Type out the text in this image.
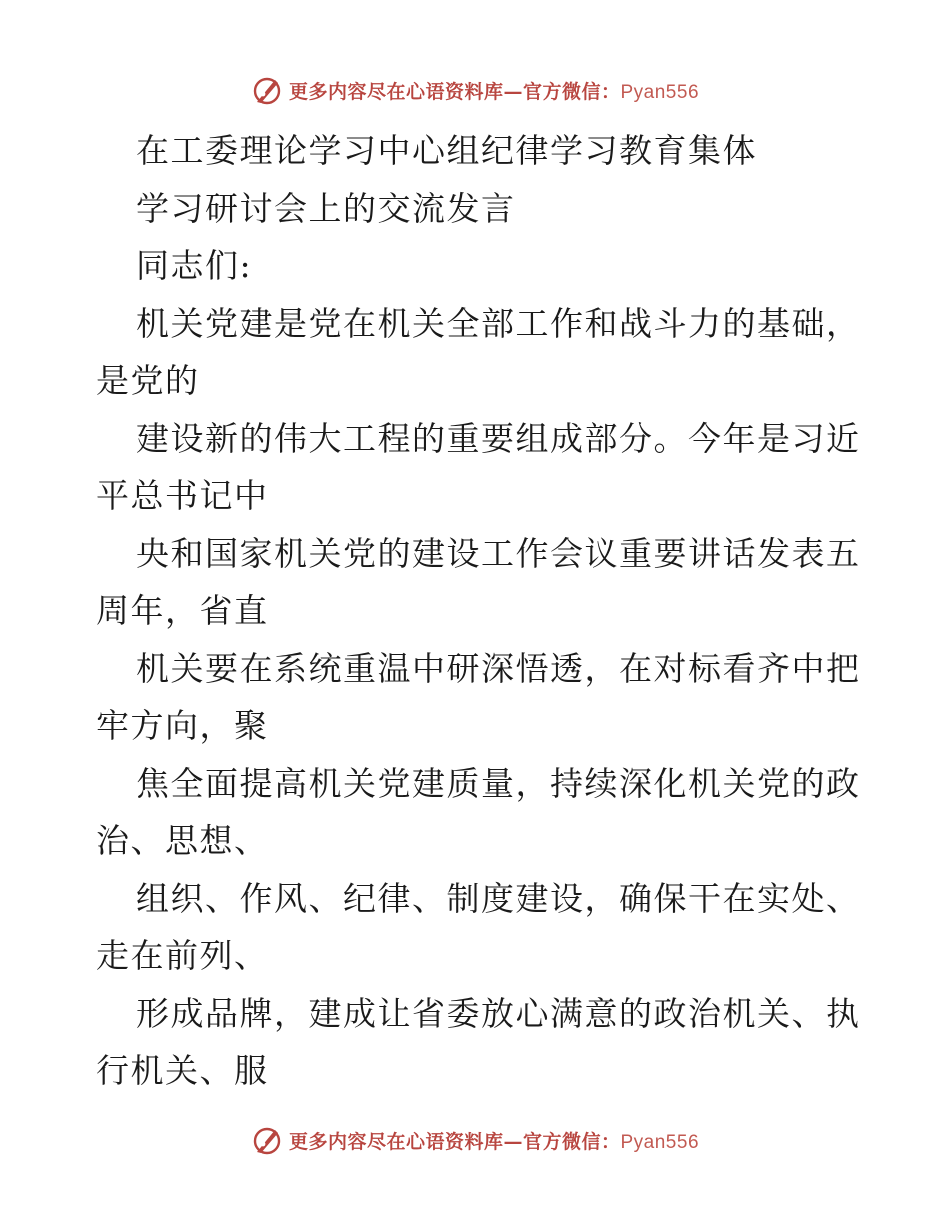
更多内容尽在心语资料库—官方微信：Pyan556
在工委理论学习中心组纪律学习教育集体
学习研讨会上的交流发言
同志们:
机关党建是党在机关全部工作和战斗力的基础，
是党的
建设新的伟大工程的重要组成部分。今年是习近
平总书记中
央和国家机关党的建设工作会议重要讲话发表五
周年，省直
机关要在系统重温中研深悟透，在对标看齐中把
牢方向，聚
焦全面提高机关党建质量，持续深化机关党的政
治、思想、
组织、作风、纪律、制度建设，确保干在实处、
走在前列、
形成品牌，建成让省委放心满意的政治机关、执
行机关、服
更多内容尽在心语资料库—官方微信：Pyan556
